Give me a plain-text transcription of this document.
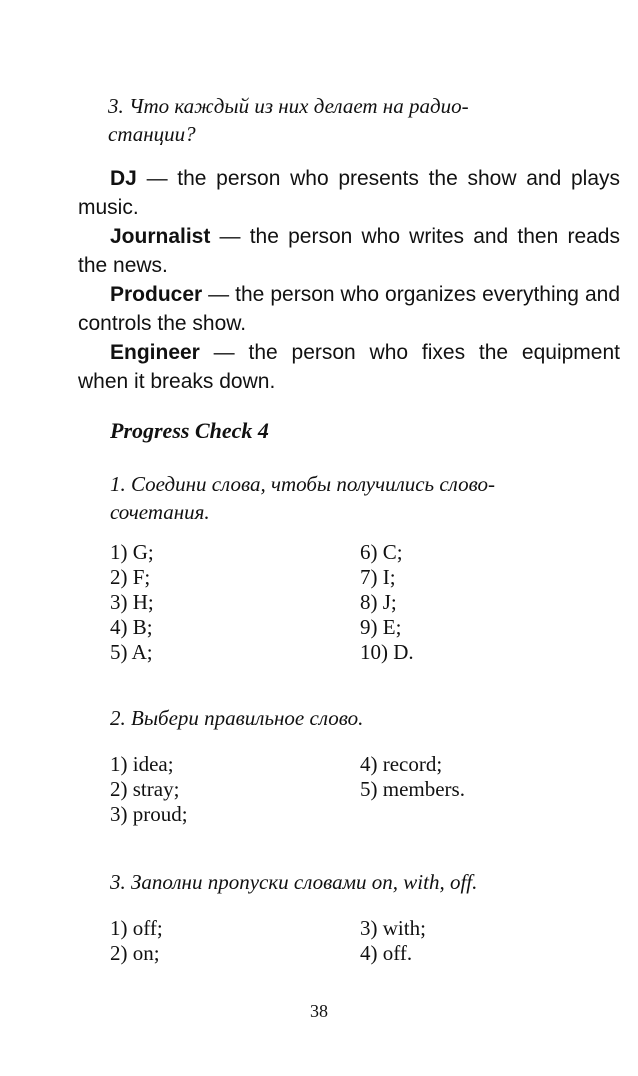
3. Что каждый из них делает на радио-
станции?

DJ — the person who presents the show and plays music.

Journalist — the person who writes and then reads the news.

Producer — the person who organizes everything and controls the show.

Engineer — the person who fixes the equipment when it breaks down.

Progress Check 4
1. Соедини слова, чтобы получились слово-
сочетания.
1) G;
2) F;
3) H;
4) B;
5) A;
6) C;
7) I;
8) J;
9) E;
10) D.
2. Выбери правильное слово.
1) idea;
2) stray;
3) proud;
4) record;
5) members.
3. Заполни пропуски словами on, with, off.
1) off;
2) on;
3) with;
4) off.
38
